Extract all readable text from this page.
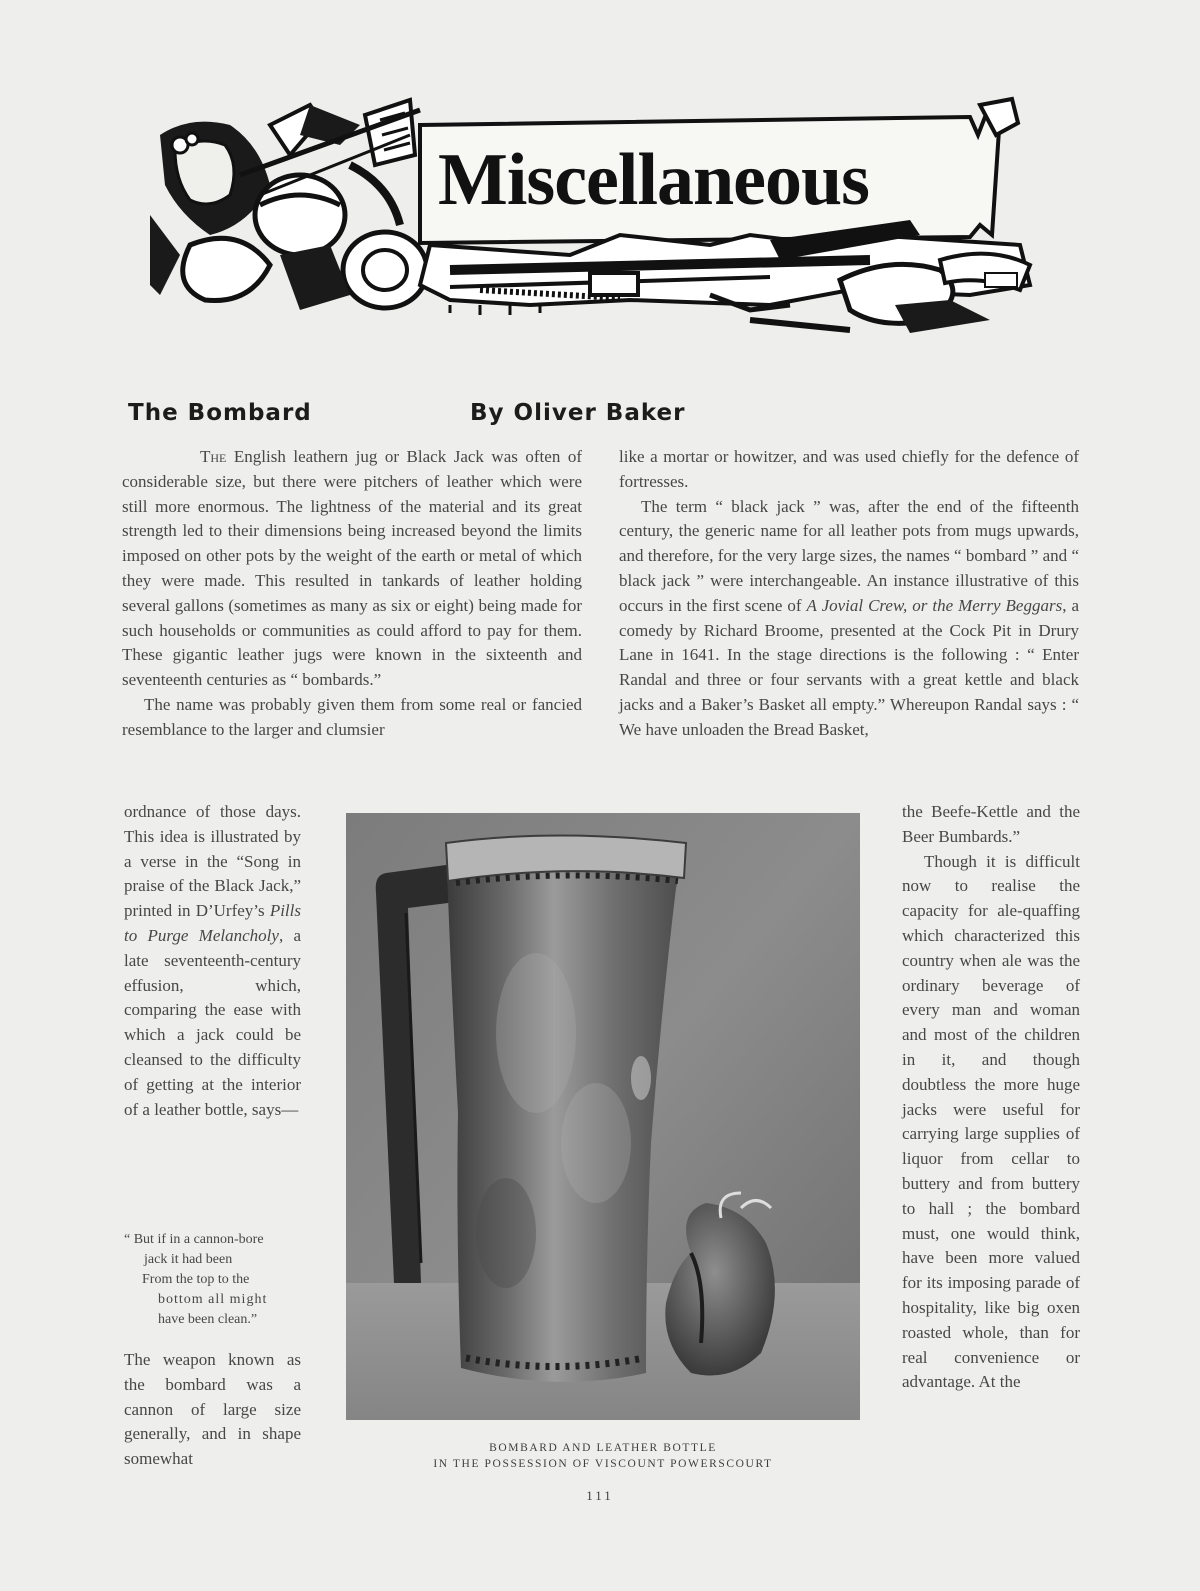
Miscellaneous
The Bombard	By Oliver Baker

The English leathern jug or Black Jack was often of considerable size, but there were pitchers of leather which were still more enormous. The lightness of the material and its great strength led to their dimensions being increased beyond the limits imposed on other pots by the weight of the earth or metal of which they were made. This resulted in tankards of leather holding several gallons (sometimes as many as six or eight) being made for such households or communities as could afford to pay for them. These gigantic leather jugs were known in the sixteenth and seventeenth centuries as “ bombards.”

The name was probably given them from some real or fancied resemblance to the larger and clumsier

ordnance of those days. This idea is illustrated by a verse in the “Song in praise of the Black Jack,” printed in D’Urfey’s Pills to Purge Melancholy, a late seventeenth-century effusion, which, comparing the ease with which a jack could be cleansed to the difficulty of getting at the interior of a leather bottle, says—

“ But if in a cannon-bore
jack it had been
From the top to the
bottom all might
have been clean.”

The weapon known as the bombard was a cannon of large size generally, and in shape somewhat

like a mortar or howitzer, and was used chiefly for the defence of fortresses.

The term “ black jack ” was, after the end of the fifteenth century, the generic name for all leather pots from mugs upwards, and therefore, for the very large sizes, the names “ bombard ” and “ black jack ” were interchangeable. An instance illustrative of this occurs in the first scene of A Jovial Crew, or the Merry Beggars, a comedy by Richard Broome, presented at the Cock Pit in Drury Lane in 1641. In the stage directions is the following : “ Enter Randal and three or four servants with a great kettle and black jacks and a Baker’s Basket all empty.” Whereupon Randal says : “ We have unloaden the Bread Basket,

the Beefe-Kettle and the Beer Bumbards.”

Though it is difficult now to realise the capacity for ale-quaffing which characterized this country when ale was the ordinary beverage of every man and woman and most of the children in it, and though doubtless the more huge jacks were useful for carrying large supplies of liquor from cellar to buttery and from buttery to hall ; the bombard must, one would think, have been more valued for its imposing parade of hospitality, like big oxen roasted whole, than for real convenience or advantage. At the

BOMBARD AND LEATHER BOTTLE
IN THE POSSESSION OF VISCOUNT POWERSCOURT
111
